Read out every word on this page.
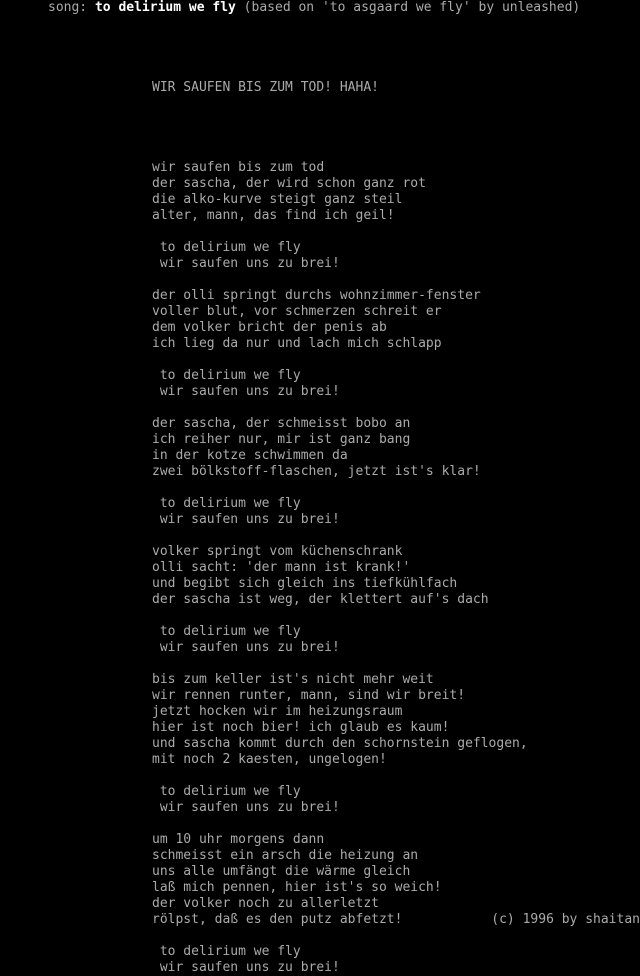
song: to delirium we fly (based on 'to asgaard we fly' by unleashed)

WIR SAUFEN BIS ZUM TOD! HAHA!

wir saufen bis zum tod
der sascha, der wird schon ganz rot
die alko-kurve steigt ganz steil
alter, mann, das find ich geil!
to delirium we fly
wir saufen uns zu brei!
der olli springt durchs wohnzimmer-fenster
voller blut, vor schmerzen schreit er
dem volker bricht der penis ab
ich lieg da nur und lach mich schlapp
to delirium we fly
wir saufen uns zu brei!
der sascha, der schmeisst bobo an
ich reiher nur, mir ist ganz bang
in der kotze schwimmen da
zwei bölkstoff-flaschen, jetzt ist's klar!
to delirium we fly
wir saufen uns zu brei!
volker springt vom küchenschrank
olli sacht: 'der mann ist krank!'
und begibt sich gleich ins tiefkühlfach
der sascha ist weg, der klettert auf's dach
to delirium we fly
wir saufen uns zu brei!
bis zum keller ist's nicht mehr weit
wir rennen runter, mann, sind wir breit!
jetzt hocken wir im heizungsraum
hier ist noch bier! ich glaub es kaum!
und sascha kommt durch den schornstein geflogen,
mit noch 2 kaesten, ungelogen!
to delirium we fly
wir saufen uns zu brei!
um 10 uhr morgens dann
schmeisst ein arsch die heizung an
uns alle umfängt die wärme gleich
laß mich pennen, hier ist's so weich!
der volker noch zu allerletzt
rölpst, daß es den putz abfetzt!
to delirium we fly
wir saufen uns zu brei!
(c) 1996 by shaitan
